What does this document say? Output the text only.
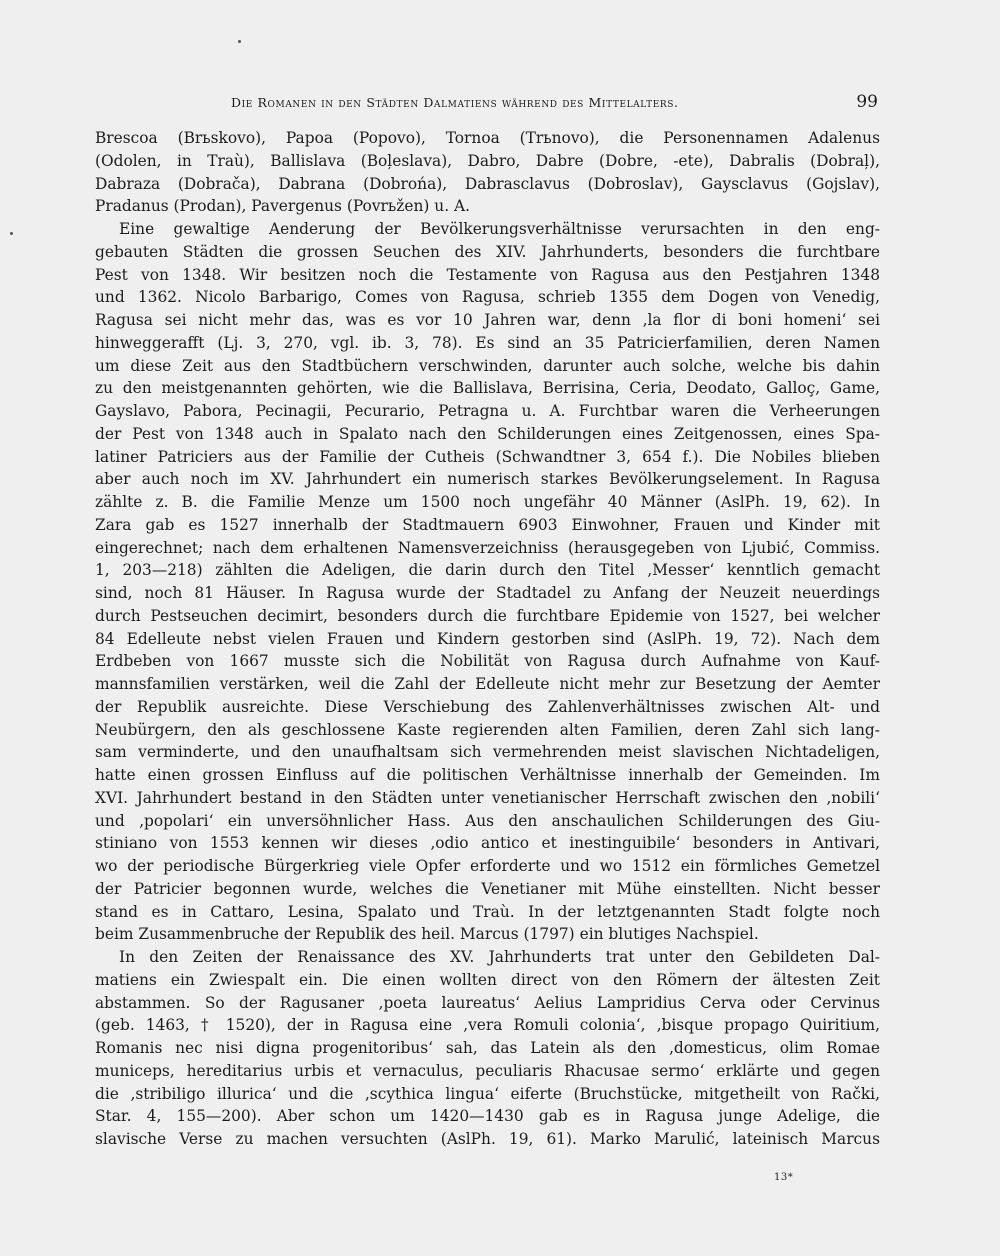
Die Romanen in den Städten Dalmatiens während des Mittelalters.	99
Brescoa (Brьskovo), Papoa (Popovo), Tornoa (Trьnovo), die Personennamen Adalenus
(Odolen, in Traù), Ballislava (Boļeslava), Dabro, Dabre (Dobre, -ete), Dabralis (Dobraļ),
Dabraza (Dobrača), Dabrana (Dobrońa), Dabrasclavus (Dobroslav), Gaysclavus (Gojslav),
Pradanus (Prodan), Pavergenus (Povrьžen) u. A.
Eine gewaltige Aenderung der Bevölkerungsverhältnisse verursachten in den eng-
gebauten Städten die grossen Seuchen des XIV. Jahrhunderts, besonders die furchtbare
Pest von 1348. Wir besitzen noch die Testamente von Ragusa aus den Pestjahren 1348
und 1362. Nicolo Barbarigo, Comes von Ragusa, schrieb 1355 dem Dogen von Venedig,
Ragusa sei nicht mehr das, was es vor 10 Jahren war, denn ‚la flor di boni homeni‘ sei
hinweggerafft (Lj. 3, 270, vgl. ib. 3, 78). Es sind an 35 Patricierfamilien, deren Namen
um diese Zeit aus den Stadtbüchern verschwinden, darunter auch solche, welche bis dahin
zu den meistgenannten gehörten, wie die Ballislava, Berrisina, Ceria, Deodato, Galloç, Game,
Gayslavo, Pabora, Pecinagii, Pecurario, Petragna u. A. Furchtbar waren die Verheerungen
der Pest von 1348 auch in Spalato nach den Schilderungen eines Zeitgenossen, eines Spa-
latiner Patriciers aus der Familie der Cutheis (Schwandtner 3, 654 f.). Die Nobiles blieben
aber auch noch im XV. Jahrhundert ein numerisch starkes Bevölkerungselement. In Ragusa
zählte z. B. die Familie Menze um 1500 noch ungefähr 40 Männer (AslPh. 19, 62). In
Zara gab es 1527 innerhalb der Stadtmauern 6903 Einwohner, Frauen und Kinder mit
eingerechnet; nach dem erhaltenen Namensverzeichniss (herausgegeben von Ljubić, Commiss.
1, 203—218) zählten die Adeligen, die darin durch den Titel ‚Messer‘ kenntlich gemacht
sind, noch 81 Häuser. In Ragusa wurde der Stadtadel zu Anfang der Neuzeit neuerdings
durch Pestseuchen decimirt, besonders durch die furchtbare Epidemie von 1527, bei welcher
84 Edelleute nebst vielen Frauen und Kindern gestorben sind (AslPh. 19, 72). Nach dem
Erdbeben von 1667 musste sich die Nobilität von Ragusa durch Aufnahme von Kauf-
mannsfamilien verstärken, weil die Zahl der Edelleute nicht mehr zur Besetzung der Aemter
der Republik ausreichte. Diese Verschiebung des Zahlenverhältnisses zwischen Alt- und
Neubürgern, den als geschlossene Kaste regierenden alten Familien, deren Zahl sich lang-
sam verminderte, und den unaufhaltsam sich vermehrenden meist slavischen Nichtadeligen,
hatte einen grossen Einfluss auf die politischen Verhältnisse innerhalb der Gemeinden. Im
XVI. Jahrhundert bestand in den Städten unter venetianischer Herrschaft zwischen den ‚nobili‘
und ‚popolari‘ ein unversöhnlicher Hass. Aus den anschaulichen Schilderungen des Giu-
stiniano von 1553 kennen wir dieses ‚odio antico et inestinguibile‘ besonders in Antivari,
wo der periodische Bürgerkrieg viele Opfer erforderte und wo 1512 ein förmliches Gemetzel
der Patricier begonnen wurde, welches die Venetianer mit Mühe einstellten. Nicht besser
stand es in Cattaro, Lesina, Spalato und Traù. In der letztgenannten Stadt folgte noch
beim Zusammenbruche der Republik des heil. Marcus (1797) ein blutiges Nachspiel.
In den Zeiten der Renaissance des XV. Jahrhunderts trat unter den Gebildeten Dal-
matiens ein Zwiespalt ein. Die einen wollten direct von den Römern der ältesten Zeit
abstammen. So der Ragusaner ‚poeta laureatus‘ Aelius Lampridius Cerva oder Cervinus
(geb. 1463, † 1520), der in Ragusa eine ‚vera Romuli colonia‘, ‚bisque propago Quiritium,
Romanis nec nisi digna progenitoribus‘ sah, das Latein als den ‚domesticus, olim Romae
municeps, hereditarius urbis et vernaculus, peculiaris Rhacusae sermo‘ erklärte und gegen
die ‚stribiligo illurica‘ und die ‚scythica lingua‘ eiferte (Bruchstücke, mitgetheilt von Rački,
Star. 4, 155—200). Aber schon um 1420—1430 gab es in Ragusa junge Adelige, die
slavische Verse zu machen versuchten (AslPh. 19, 61). Marko Marulić, lateinisch Marcus
13*
